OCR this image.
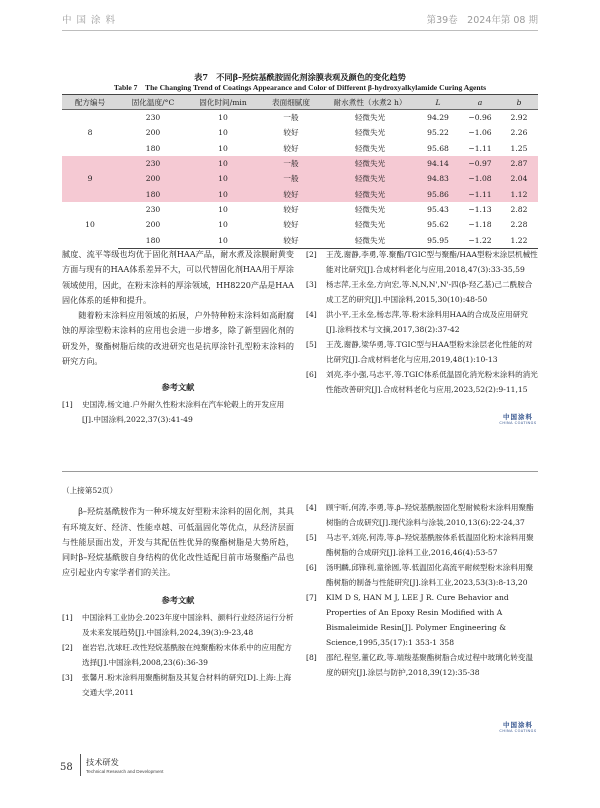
中 国 涂 料	第39卷　2024年第 08 期
表7　不同β–羟烷基酰胺固化剂涂膜表观及颜色的变化趋势
Table 7　The Changing Trend of Coatings Appearance and Color of Different β-hydroxyalkylamide Curing Agents
配方编号	固化温度/°C	固化时间/min	表面细腻度	耐水煮性（水煮2 h）	L	a	b
8	230	10	一般	轻微失光	94.29	−0.96	2.92
	200	10	较好	轻微失光	95.22	−1.06	2.26
	180	10	较好	轻微失光	95.68	−1.11	1.25
9	230	10	一般	轻微失光	94.14	−0.97	2.87
	200	10	一般	轻微失光	94.83	−1.08	2.04
	180	10	较好	轻微失光	95.86	−1.11	1.12
10	230	10	较好	轻微失光	95.43	−1.13	2.82
	200	10	较好	轻微失光	95.62	−1.18	2.28
	180	10	较好	轻微失光	95.95	−1.22	1.22
腻度、流平等级也均优于固化剂HAA产品，耐水煮及涂膜耐黄变方面与现有的HAA体系差异不大，可以代替固化剂HAA用于厚涂领域使用，因此，在粉末涂料的厚涂领域，HH8220产品是HAA固化体系的延伸和提升。
随着粉末涂料应用领域的拓展，户外特种粉末涂料如高耐腐蚀的厚涂型粉末涂料的应用也会进一步增多，除了新型固化剂的研发外，聚酯树脂后续的改进研究也是抗厚涂针孔型粉末涂料的研究方向。
参考文献
[1]	史国涛,杨文迪.户外耐久性粉末涂料在汽车轮毂上的开发应用[J].中国涂料,2022,37(3):41-49
[2]	王茂,谢静,李勇,等.聚酯/TGIC型与聚酯/HAA型粉末涂层机械性能对比研究[J].合成材料老化与应用,2018,47(3):33-35,59
[3]	杨志萍,王永垒,方向宏,等.N,N,N',N'-四(β-羟乙基)己二酰胺合成工艺的研究[J].中国涂料,2015,30(10):48-50
[4]	洪小平,王永垒,杨志萍,等.粉末涂料用HAA的合成及应用研究[J].涂料技术与文摘,2017,38(2):37-42
[5]	王茂,谢静,梁华勇,等.TGIC型与HAA型粉末涂层老化性能的对比研究[J].合成材料老化与应用,2019,48(1):10-13
[6]	刘亮,李小强,马志平,等.TGIC体系低温固化消光粉末涂料的消光性能改善研究[J].合成材料老化与应用,2023,52(2):9-11,15
中国涂料
CHINA COATINGS
（上接第52页）
β–羟烷基酰胺作为一种环境友好型粉末涂料的固化剂，其具有环境友好、经济、性能卓越、可低温固化等优点，从经济层面与性能层面出发，开发与其配伍性优异的聚酯树脂是大势所趋，同时β–羟烷基酰胺自身结构的优化改性适配目前市场聚酯产品也应引起业内专家学者们的关注。
参考文献
[1]	中国涂料工业协会.2023年度中国涂料、颜料行业经济运行分析及未来发展趋势[J].中国涂料,2024,39(3):9-23,48
[2]	崔岩岩,沈球旺.改性羟烷基酰胺在纯聚酯粉末体系中的应用配方选择[J].中国涂料,2008,23(6):36-39
[3]	张馨月.粉末涂料用聚酯树脂及其复合材料的研究[D].上海:上海交通大学,2011
[4]	顾宇昕,何涛,李勇,等.β–羟烷基酰胺固化型耐候粉末涂料用聚酯树脂的合成研究[J].现代涂料与涂装,2010,13(6):22-24,37
[5]	马志平,刘亮,何涛,等.β–羟烷基酰胺体系低温固化粉末涂料用聚酯树脂的合成研究[J].涂料工业,2016,46(4):53-57
[6]	汤明麟,邱锋利,童徐圆,等.低温固化高流平耐候型粉末涂料用聚酯树脂的制备与性能研究[J].涂料工业,2023,53(3):8-13,20
[7]	KIM D S, HAN M J, LEE J R. Cure Behavior and Properties of An Epoxy Resin Modified with A Bismaleimide Resin[J]. Polymer Engineering & Science,1995,35(17):1 353-1 358
[8]	邵纪,程坚,董亿政,等.端羧基聚酯树脂合成过程中玻璃化转变温度的研究[J].涂层与防护,2018,39(12):35-38
中国涂料
CHINA COATINGS
58 技术研发
Technical Research and Development
